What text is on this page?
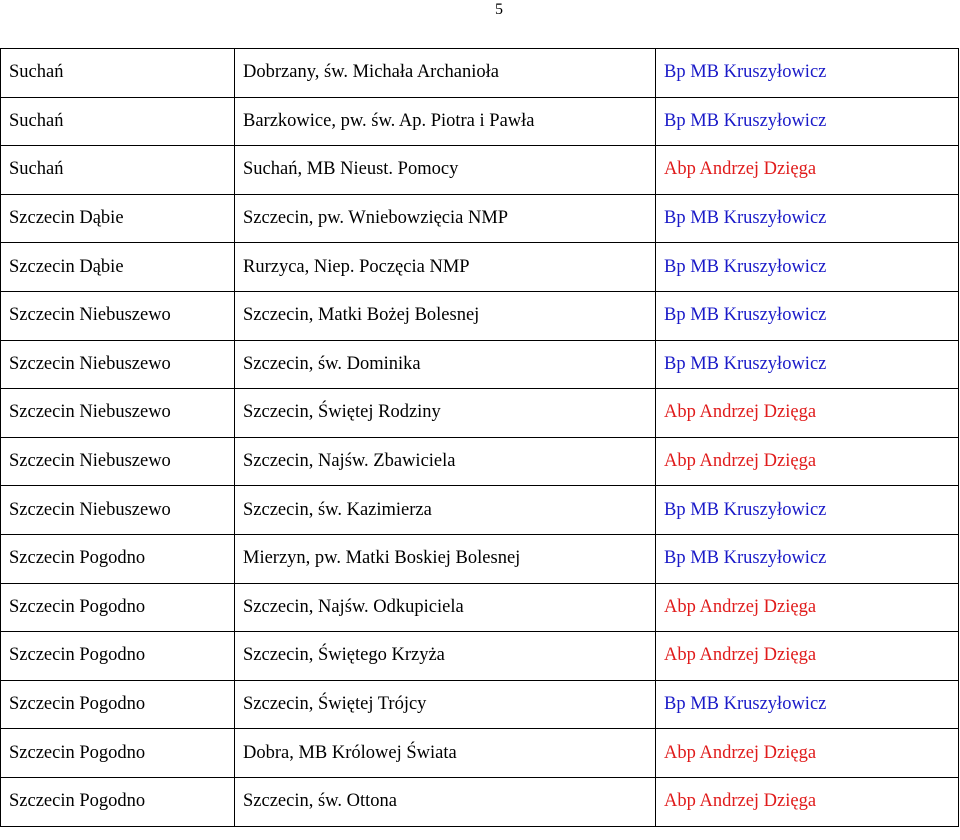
5
Suchań	Dobrzany, św. Michała Archanioła	Bp MB Kruszyłowicz
Suchań	Barzkowice, pw. św. Ap. Piotra i Pawła	Bp MB Kruszyłowicz
Suchań	Suchań, MB Nieust. Pomocy	Abp Andrzej Dzięga
Szczecin Dąbie	Szczecin, pw. Wniebowzięcia NMP	Bp MB Kruszyłowicz
Szczecin Dąbie	Rurzyca, Niep. Poczęcia NMP	Bp MB Kruszyłowicz
Szczecin Niebuszewo	Szczecin, Matki Bożej Bolesnej	Bp MB Kruszyłowicz
Szczecin Niebuszewo	Szczecin, św. Dominika	Bp MB Kruszyłowicz
Szczecin Niebuszewo	Szczecin, Świętej Rodziny	Abp Andrzej Dzięga
Szczecin Niebuszewo	Szczecin, Najśw. Zbawiciela	Abp Andrzej Dzięga
Szczecin Niebuszewo	Szczecin, św. Kazimierza	Bp MB Kruszyłowicz
Szczecin Pogodno	Mierzyn, pw. Matki Boskiej Bolesnej	Bp MB Kruszyłowicz
Szczecin Pogodno	Szczecin, Najśw. Odkupiciela	Abp Andrzej Dzięga
Szczecin Pogodno	Szczecin, Świętego Krzyża	Abp Andrzej Dzięga
Szczecin Pogodno	Szczecin, Świętej Trójcy	Bp MB Kruszyłowicz
Szczecin Pogodno	Dobra, MB Królowej Świata	Abp Andrzej Dzięga
Szczecin Pogodno	Szczecin, św. Ottona	Abp Andrzej Dzięga
